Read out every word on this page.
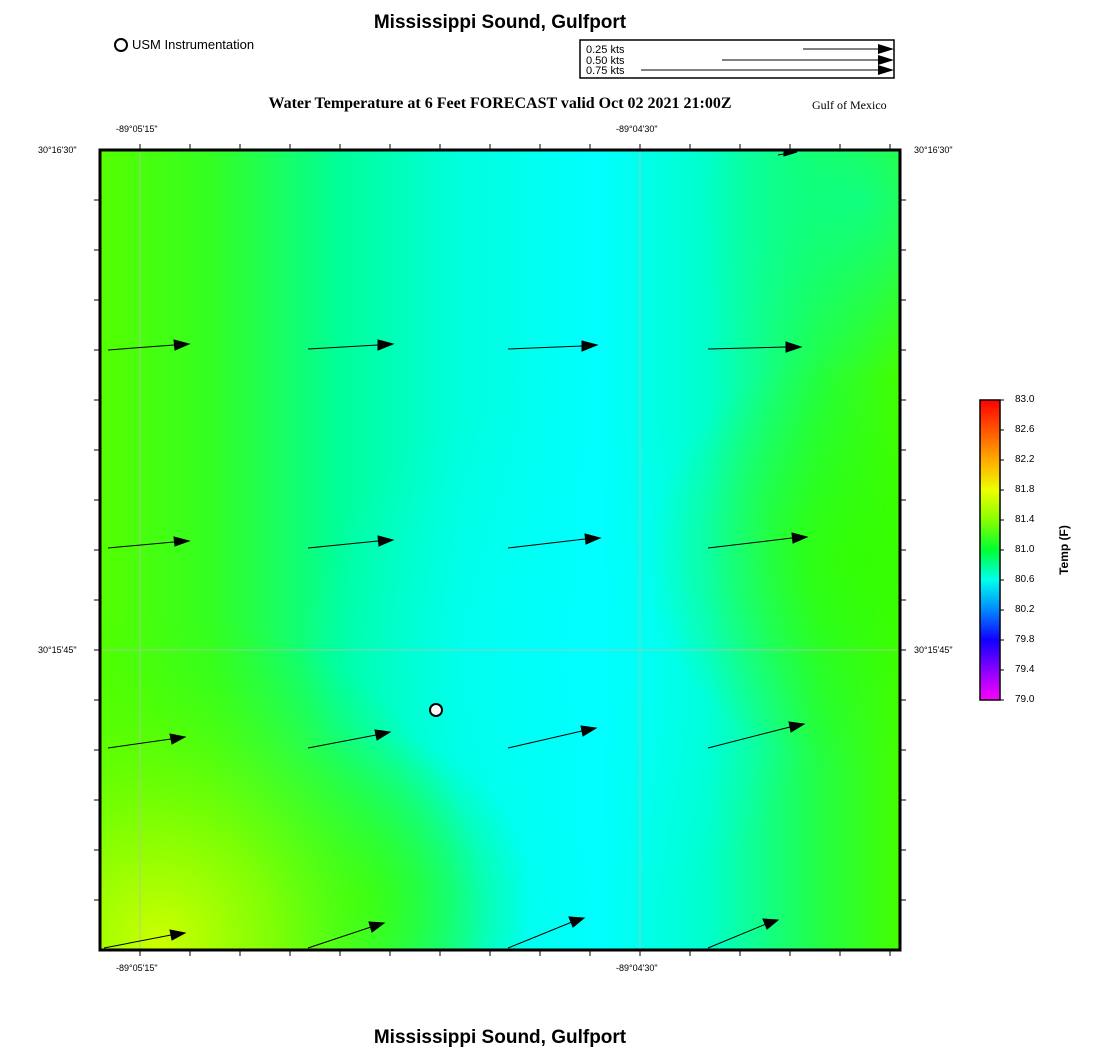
Mississippi Sound, Gulfport
USM Instrumentation	0.25 kts
0.50 kts
0.75 kts
Water Temperature at 6 Feet FORECAST valid Oct 02 2021 21:00Z	Gulf of Mexico
-89°05'15"	-89°04'30"
-89°05'15"	-89°04'30"
30°16'30"
30°15'45"
30°16'30"
30°15'45"
83.0
82.6
82.2
81.8
81.4
81.0
80.6
80.2
79.8
79.4
79.0
Temp (F)
Mississippi Sound, Gulfport
